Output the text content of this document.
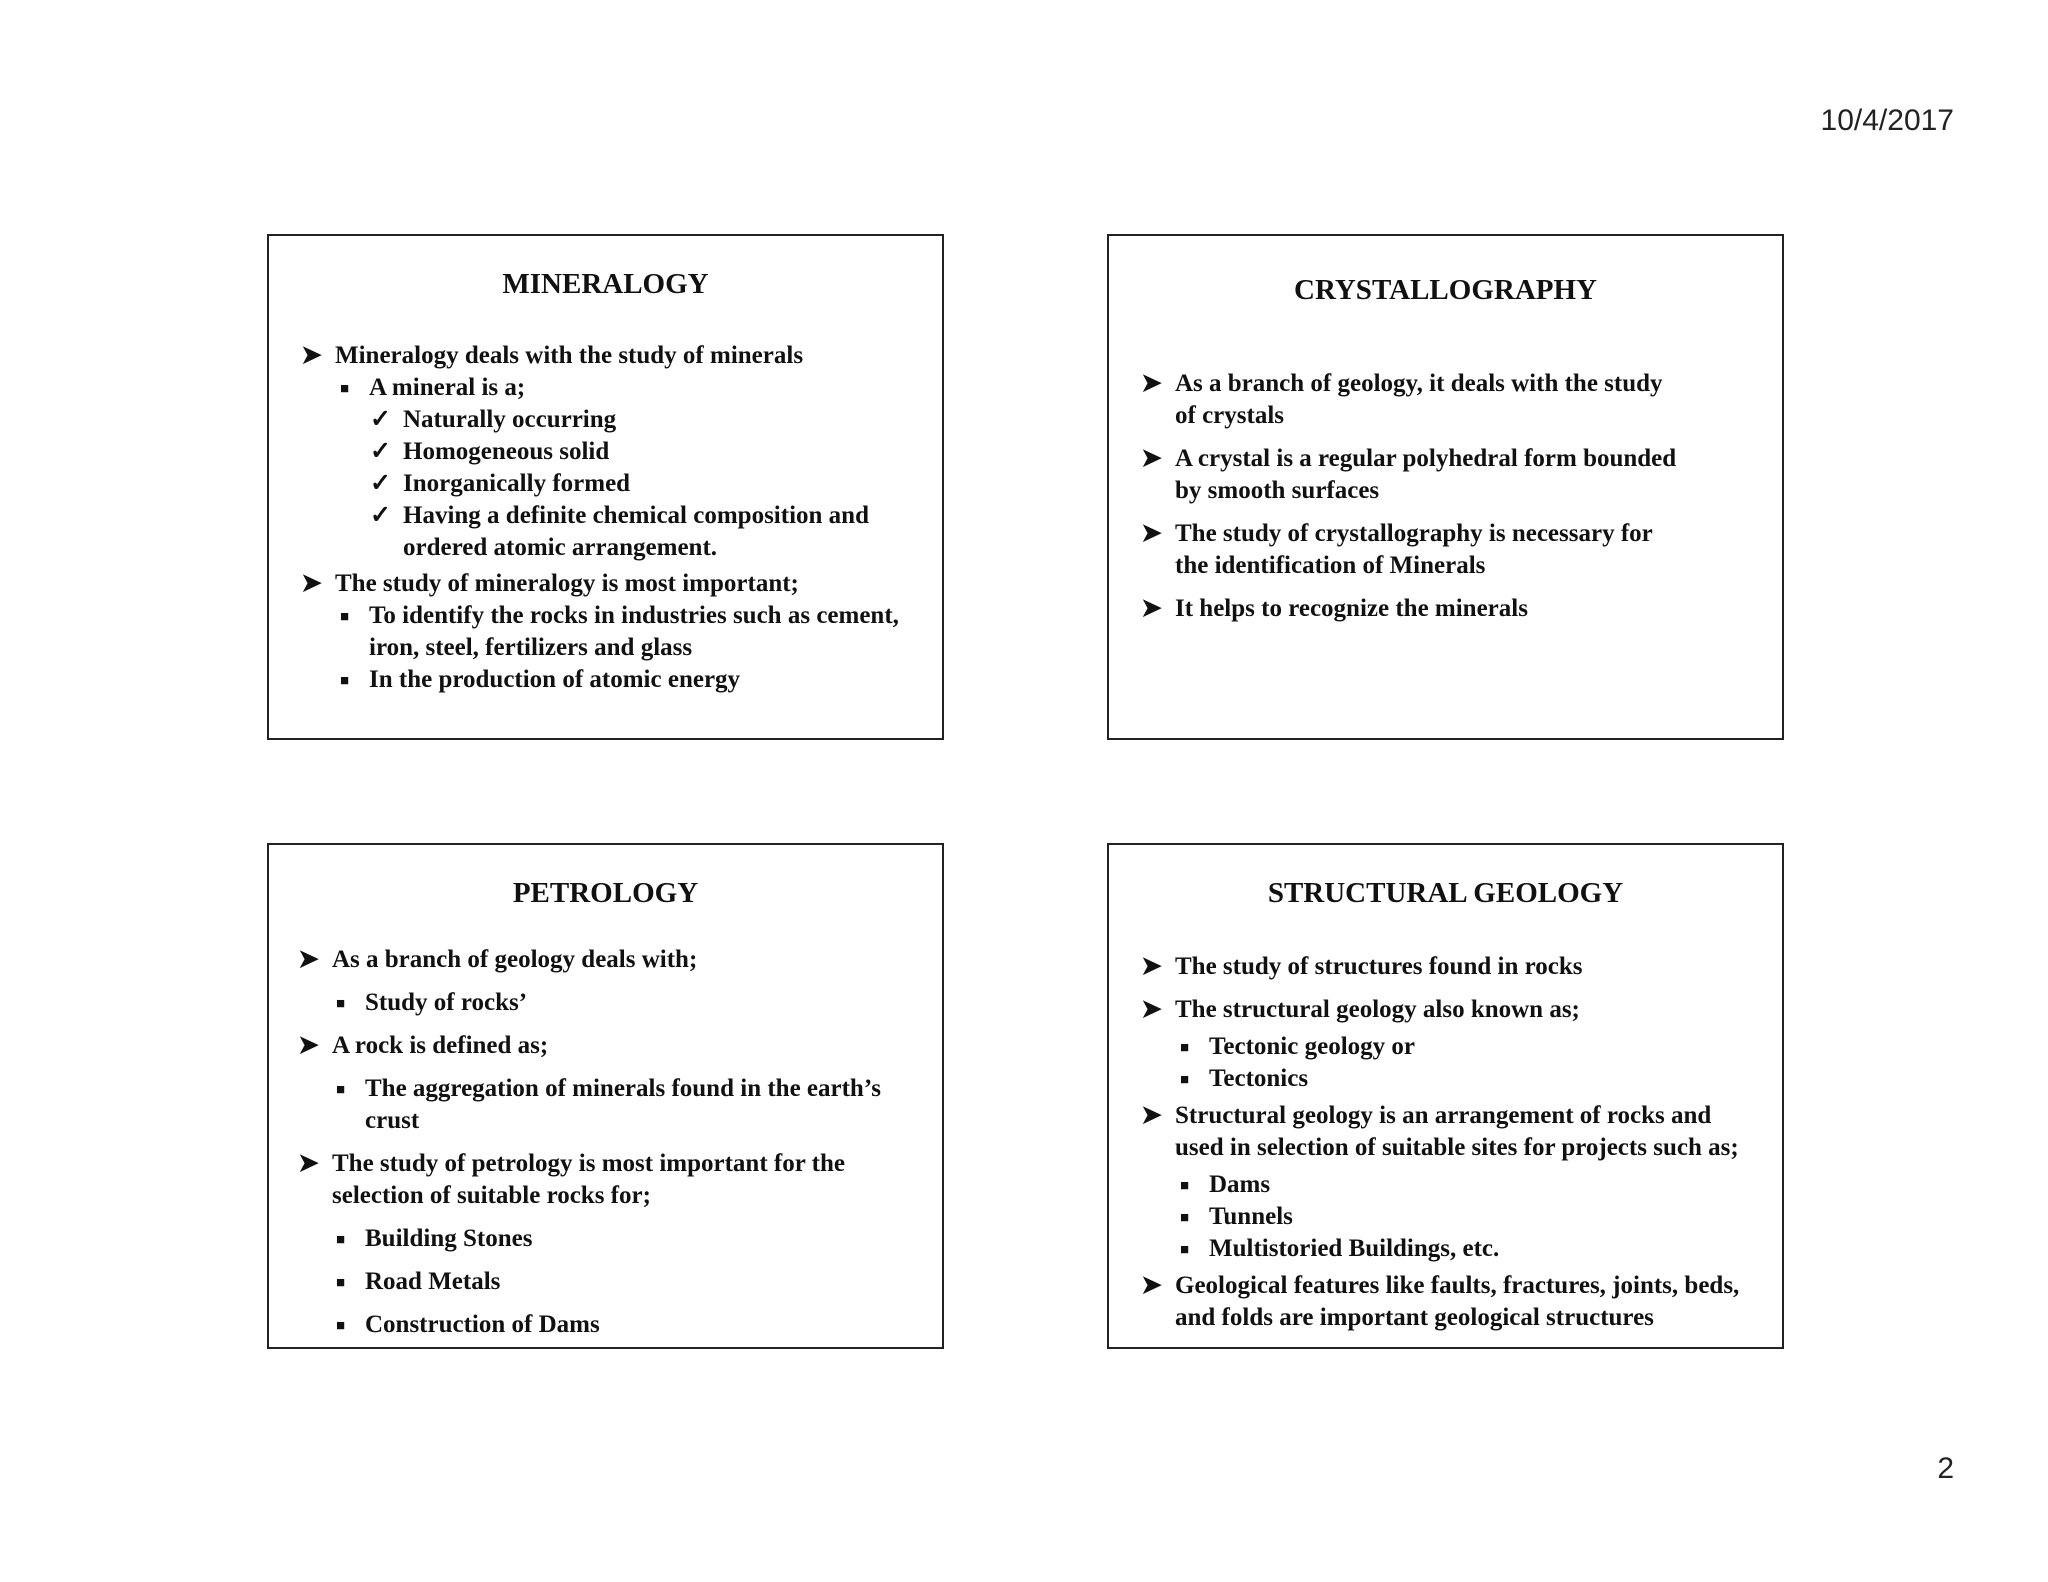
10/4/2017
MINERALOGY
➤ Mineralogy deals with the study of minerals
■ A mineral is a;
✓ Naturally occurring
✓ Homogeneous solid
✓ Inorganically formed
✓ Having a definite chemical composition and
ordered atomic arrangement.
➤ The study of mineralogy is most important;
■ To identify the rocks in industries such as cement,
iron, steel, fertilizers and glass
■ In the production of atomic energy
CRYSTALLOGRAPHY
➤ As a branch of geology, it deals with the study
of crystals
➤ A crystal is a regular polyhedral form bounded
by smooth surfaces
➤ The study of crystallography is necessary for
the identification of Minerals
➤ It helps to recognize the minerals
PETROLOGY
➤ As a branch of geology deals with;
■ Study of rocks’
➤ A rock is defined as;
■ The aggregation of minerals found in the earth’s
crust
➤ The study of petrology is most important for the
selection of suitable rocks for;
■ Building Stones
■ Road Metals
■ Construction of Dams
STRUCTURAL GEOLOGY
➤ The study of structures found in rocks
➤ The structural geology also known as;
■ Tectonic geology or
■ Tectonics
➤ Structural geology is an arrangement of rocks and
used in selection of suitable sites for projects such as;
■ Dams
■ Tunnels
■ Multistoried Buildings, etc.
➤ Geological features like faults, fractures, joints, beds,
and folds are important geological structures
2
